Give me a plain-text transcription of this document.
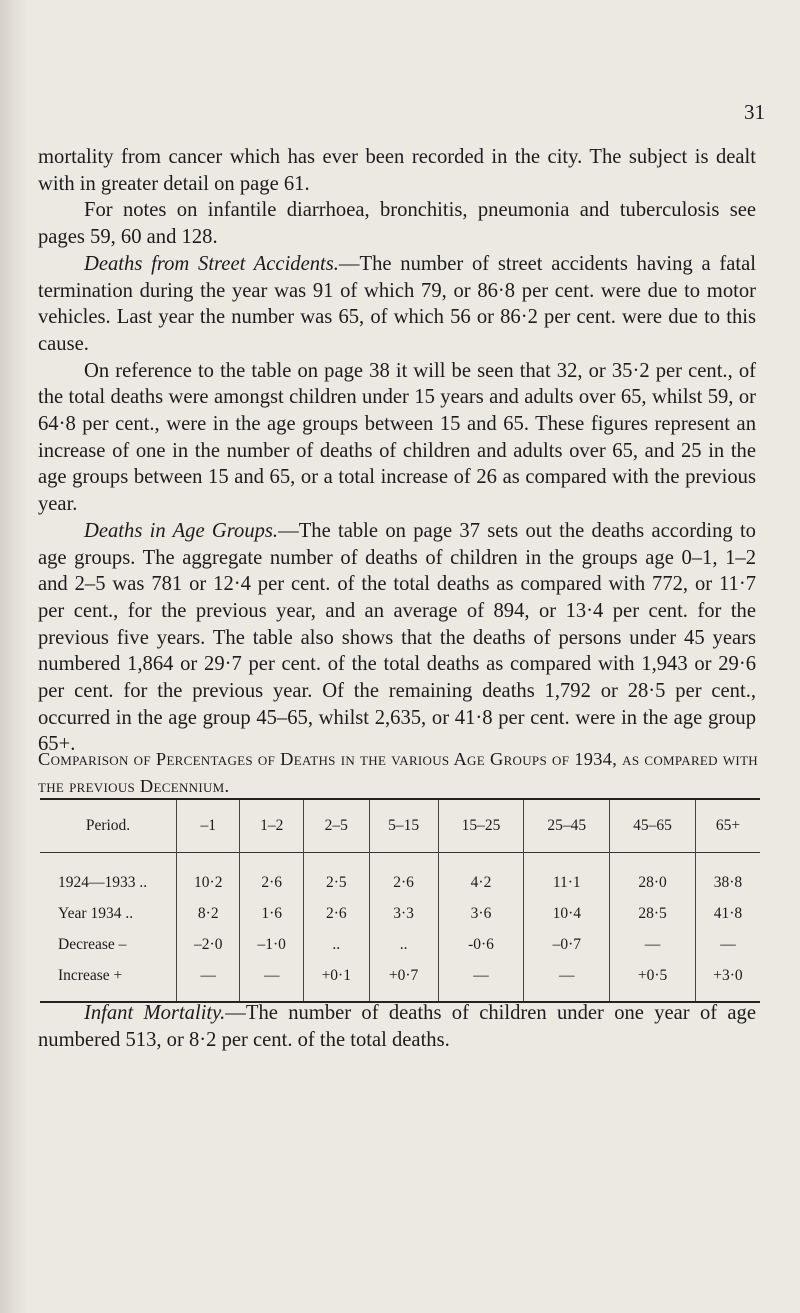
31

mortality from cancer which has ever been recorded in the city. The subject is dealt with in greater detail on page 61.

For notes on infantile diarrhoea, bronchitis, pneumonia and tuberculosis see pages 59, 60 and 128.

Deaths from Street Accidents.—The number of street accidents having a fatal termination during the year was 91 of which 79, or 86·8 per cent. were due to motor vehicles. Last year the number was 65, of which 56 or 86·2 per cent. were due to this cause.

On reference to the table on page 38 it will be seen that 32, or 35·2 per cent., of the total deaths were amongst children under 15 years and adults over 65, whilst 59, or 64·8 per cent., were in the age groups between 15 and 65. These figures represent an increase of one in the number of deaths of children and adults over 65, and 25 in the age groups between 15 and 65, or a total increase of 26 as compared with the previous year.

Deaths in Age Groups.—The table on page 37 sets out the deaths according to age groups. The aggregate number of deaths of children in the groups age 0–1, 1–2 and 2–5 was 781 or 12·4 per cent. of the total deaths as compared with 772, or 11·7 per cent., for the previous year, and an average of 894, or 13·4 per cent. for the previous five years. The table also shows that the deaths of persons under 45 years numbered 1,864 or 29·7 per cent. of the total deaths as compared with 1,943 or 29·6 per cent. for the previous year. Of the remaining deaths 1,792 or 28·5 per cent., occurred in the age group 45–65, whilst 2,635, or 41·8 per cent. were in the age group 65+.

Comparison of Percentages of Deaths in the various Age Groups of 1934, as compared with the previous Decennium.
Period.	–1	1–2	2–5	5–15	15–25	25–45	45–65	65+
1924—1933 ..	10·2	2·6	2·5	2·6	4·2	11·1	28·0	38·8
Year 1934 ..	8·2	1·6	2·6	3·3	3·6	10·4	28·5	41·8
Decrease –	–2·0	–1·0	..	..	-0·6	–0·7	—	—
Increase +	—	—	+0·1	+0·7	—	—	+0·5	+3·0

Infant Mortality.—The number of deaths of children under one year of age numbered 513, or 8·2 per cent. of the total deaths.
